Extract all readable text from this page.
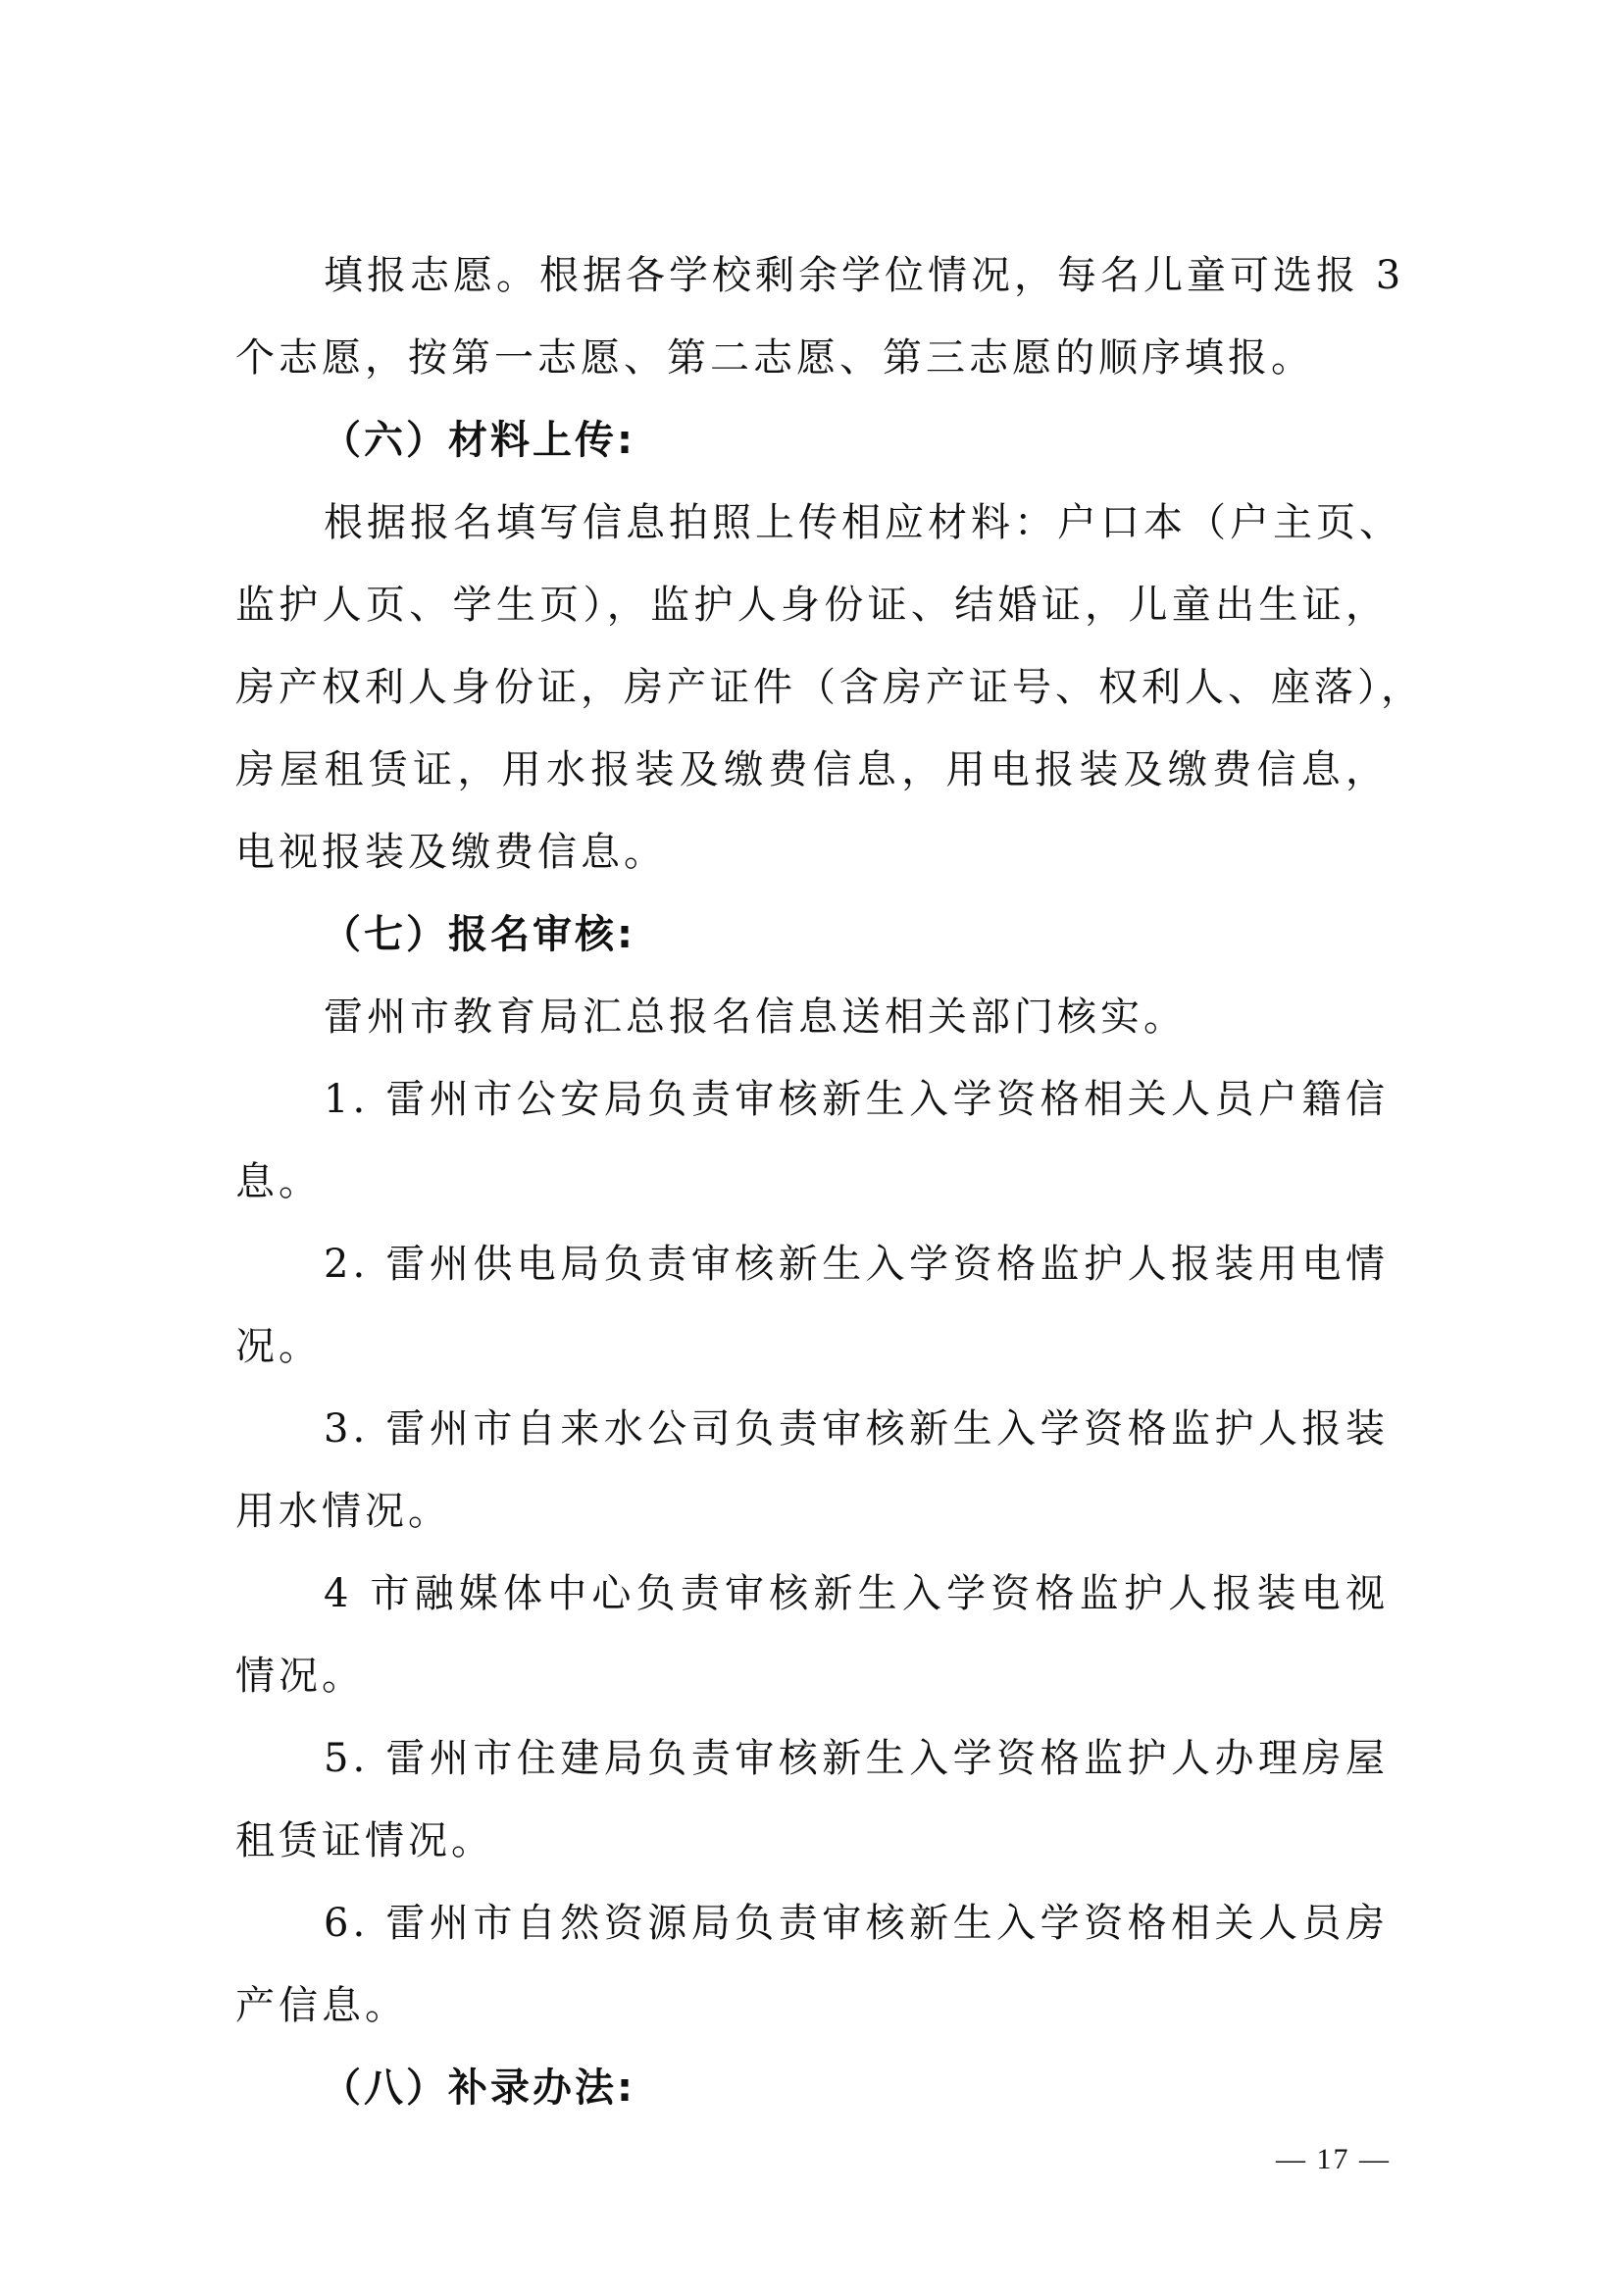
填报志愿。根据各学校剩余学位情况，每名儿童可选报 3
个志愿，按第一志愿、第二志愿、第三志愿的顺序填报。
（六）材料上传:
根据报名填写信息拍照上传相应材料：户口本（户主页、
监护人页、学生页），监护人身份证、结婚证，儿童出生证，
房产权利人身份证，房产证件（含房产证号、权利人、座落），
房屋租赁证，用水报装及缴费信息，用电报装及缴费信息，
电视报装及缴费信息。
（七）报名审核:
雷州市教育局汇总报名信息送相关部门核实。
1. 雷州市公安局负责审核新生入学资格相关人员户籍信
息。
2. 雷州供电局负责审核新生入学资格监护人报装用电情
况。
3. 雷州市自来水公司负责审核新生入学资格监护人报装
用水情况。
4 市融媒体中心负责审核新生入学资格监护人报装电视
情况。
5. 雷州市住建局负责审核新生入学资格监护人办理房屋
租赁证情况。
6. 雷州市自然资源局负责审核新生入学资格相关人员房
产信息。
（八）补录办法:
— 17 —
